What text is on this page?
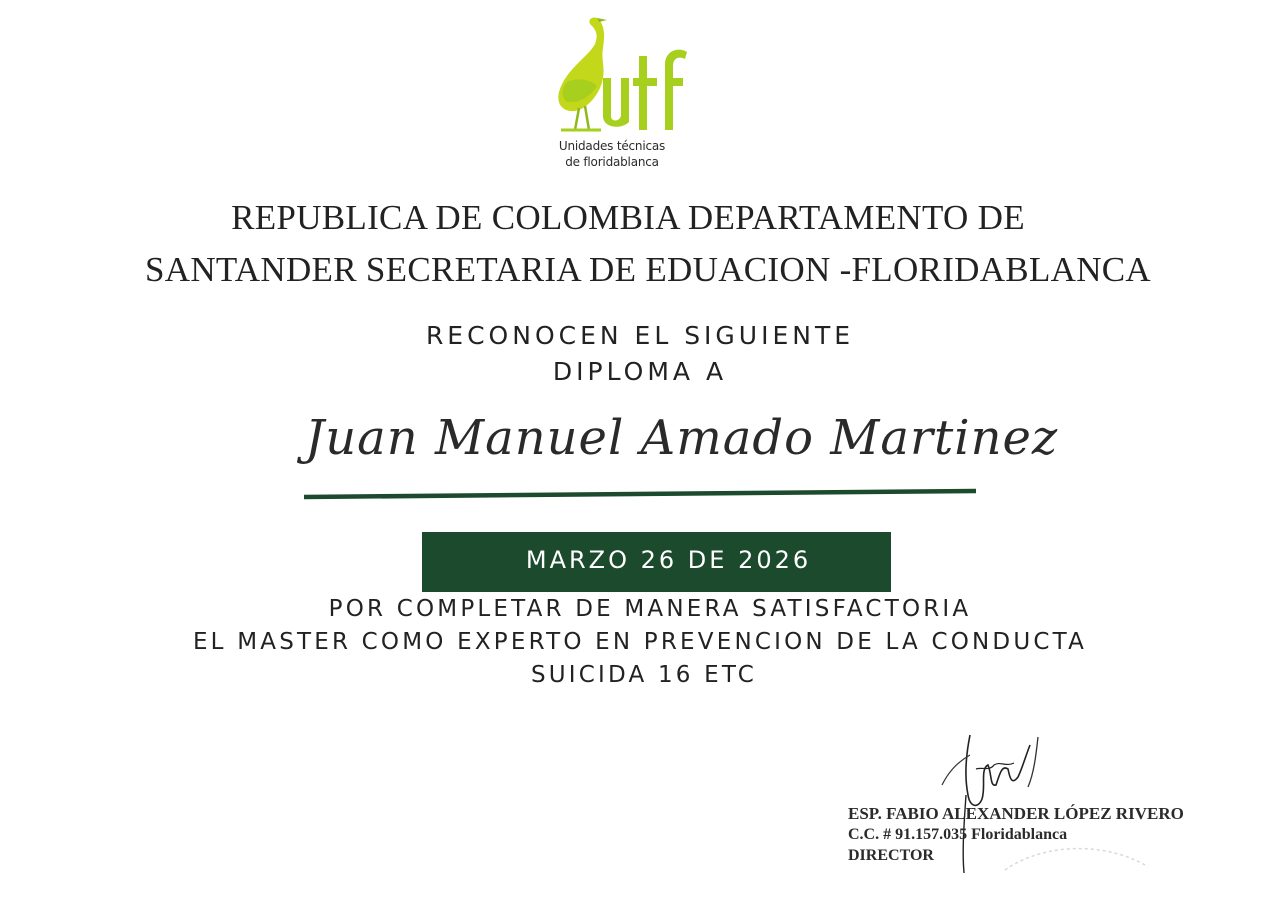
Unidades técnicas
de floridablanca
REPUBLICA DE COLOMBIA DEPARTAMENTO DE
SANTANDER SECRETARIA DE EDUACION -FLORIDABLANCA
RECONOCEN EL SIGUIENTE
DIPLOMA A
Juan Manuel Amado Martinez
MARZO 26 DE 2026
POR COMPLETAR DE MANERA SATISFACTORIA
EL MASTER COMO EXPERTO EN PREVENCION DE LA CONDUCTA
SUICIDA 16 ETC
ESP. FABIO ALEXANDER LÓPEZ RIVERO
C.C. # 91.157.035 Floridablanca
DIRECTOR
